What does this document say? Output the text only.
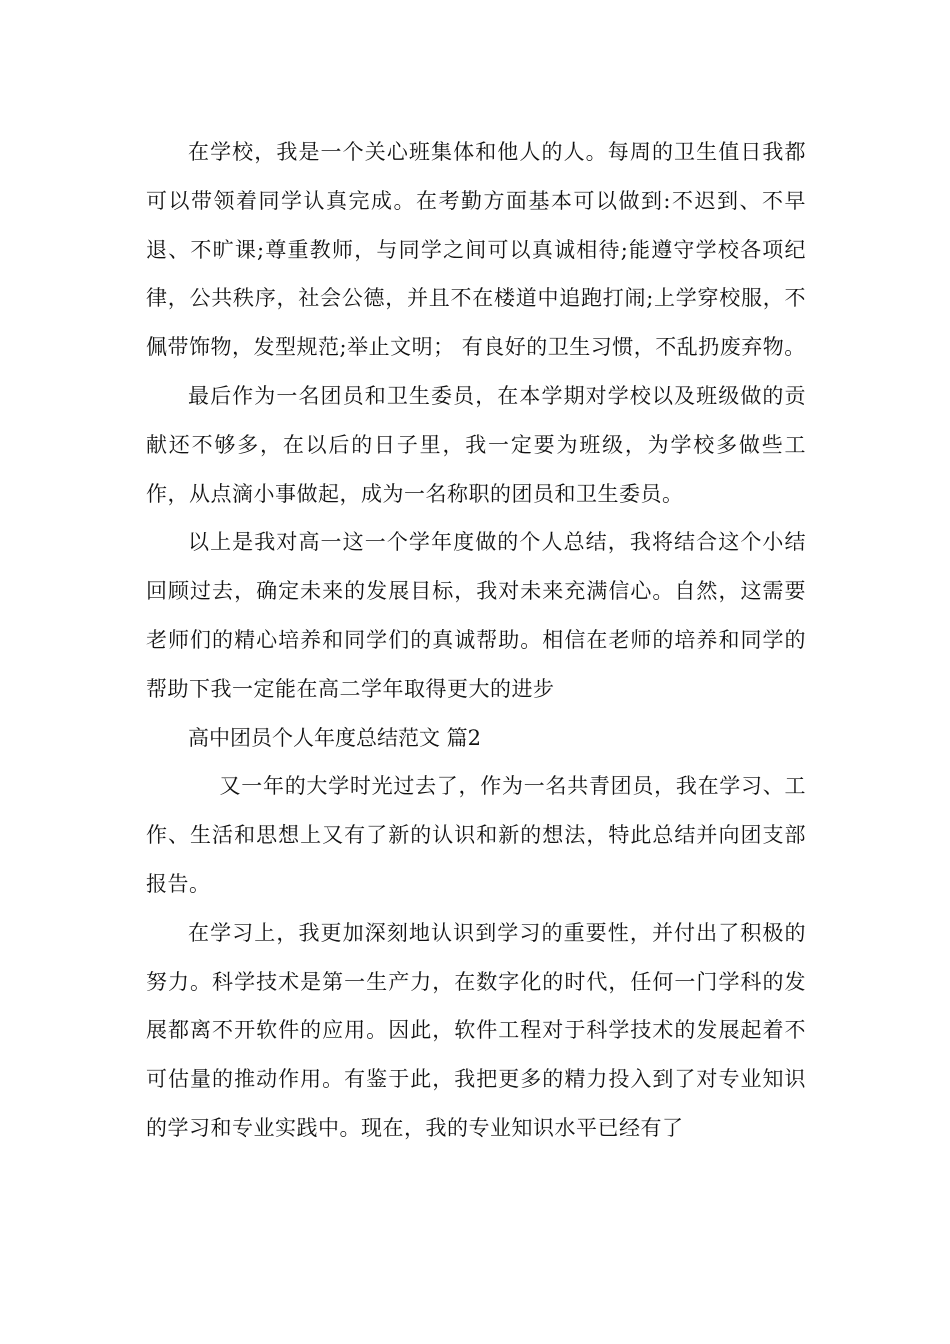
在学校，我是一个关心班集体和他人的人。每周的卫生值日我都可以带领着同学认真完成。在考勤方面基本可以做到:不迟到、不早退、不旷课;尊重教师，与同学之间可以真诚相待;能遵守学校各项纪律，公共秩序，社会公德，并且不在楼道中追跑打闹;上学穿校服，不佩带饰物，发型规范;举止文明； 有良好的卫生习惯，不乱扔废弃物。

最后作为一名团员和卫生委员，在本学期对学校以及班级做的贡献还不够多，在以后的日子里，我一定要为班级，为学校多做些工作，从点滴小事做起，成为一名称职的团员和卫生委员。

以上是我对高一这一个学年度做的个人总结，我将结合这个小结回顾过去，确定未来的发展目标，我对未来充满信心。自然，这需要老师们的精心培养和同学们的真诚帮助。相信在老师的培养和同学的帮助下我一定能在高二学年取得更大的进步

高中团员个人年度总结范文 篇2

又一年的大学时光过去了，作为一名共青团员，我在学习、工作、生活和思想上又有了新的认识和新的想法，特此总结并向团支部报告。

在学习上，我更加深刻地认识到学习的重要性，并付出了积极的努力。科学技术是第一生产力，在数字化的时代，任何一门学科的发展都离不开软件的应用。因此，软件工程对于科学技术的发展起着不可估量的推动作用。有鉴于此，我把更多的精力投入到了对专业知识的学习和专业实践中。现在，我的专业知识水平已经有了
